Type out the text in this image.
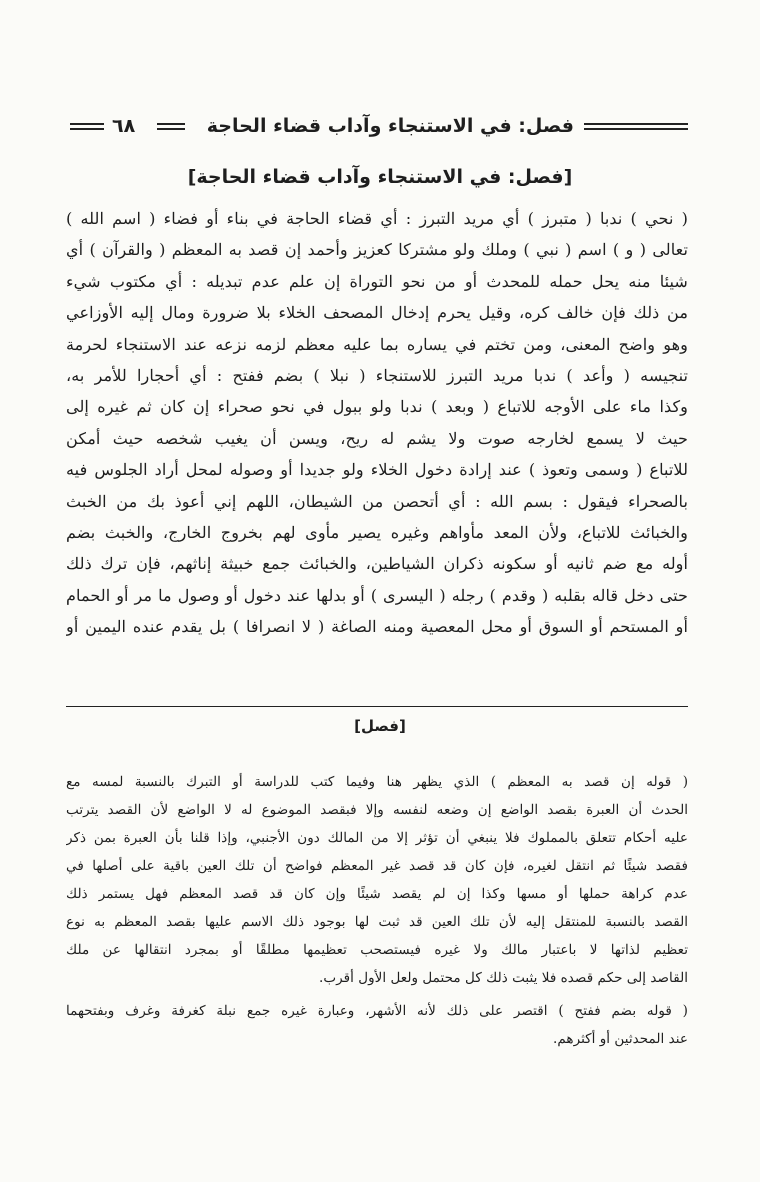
٦٨	فصل: في الاستنجاء وآداب قضاء الحاجة
[فصل: في الاستنجاء وآداب قضاء الحاجة]

( نحي ) ندبا ( متبرز ) أي مريد التبرز : أي قضاء الحاجة في بناء أو فضاء ( اسم الله )
تعالى ( و ) اسم ( نبي ) وملك ولو مشتركا كعزيز وأحمد إن قصد به المعظم ( والقرآن ) أي
شيئا منه يحل حمله للمحدث أو من نحو التوراة إن علم عدم تبديله : أي مكتوب شيء
من ذلك فإن خالف كره، وقيل يحرم إدخال المصحف الخلاء بلا ضرورة ومال إليه الأوزاعي
وهو واضح المعنى، ومن تختم في يساره بما عليه معظم لزمه نزعه عند الاستنجاء لحرمة
تنجيسه ( وأعد ) ندبا مريد التبرز للاستنجاء ( نبلا ) بضم ففتح : أي أحجارا للأمر به،
وكذا ماء على الأوجه للاتباع ( وبعد ) ندبا ولو ببول في نحو صحراء إن كان ثم غيره إلى
حيث لا يسمع لخارجه صوت ولا يشم له ريح، ويسن أن يغيب شخصه حيث أمكن
للاتباع ( وسمى وتعوذ ) عند إرادة دخول الخلاء ولو جديدا أو وصوله لمحل أراد الجلوس فيه
بالصحراء فيقول : بسم الله : أي أتحصن من الشيطان، اللهم إني أعوذ بك من الخبث
والخبائث للاتباع، ولأن المعد مأواهم وغيره يصير مأوى لهم بخروج الخارج، والخبث بضم
أوله مع ضم ثانيه أو سكونه ذكران الشياطين، والخبائث جمع خبيثة إناثهم، فإن ترك ذلك
حتى دخل قاله بقلبه ( وقدم ) رجله ( اليسرى ) أو بدلها عند دخول أو وصول ما مر أو الحمام
أو المستحم أو السوق أو محل المعصية ومنه الصاغة ( لا انصرافا ) بل يقدم عنده اليمين أو

[فصل]
( قوله إن قصد به المعظم ) الذي يظهر هنا وفيما كتب للدراسة أو التبرك بالنسبة لمسه مع
الحدث أن العبرة بقصد الواضع إن وضعه لنفسه وإلا فبقصد الموضوع له لا الواضع لأن القصد يترتب
عليه أحكام تتعلق بالمملوك فلا ينبغي أن تؤثر إلا من المالك دون الأجنبي، وإذا قلنا بأن العبرة بمن ذكر
فقصد شيئًا ثم انتقل لغيره، فإن كان قد قصد غير المعظم فواضح أن تلك العين باقية على أصلها في
عدم كراهة حملها أو مسها وكذا إن لم يقصد شيئًا وإن كان قد قصد المعظم فهل يستمر ذلك
القصد بالنسبة للمنتقل إليه لأن تلك العين قد ثبت لها بوجود ذلك الاسم عليها بقصد المعظم به نوع
تعظيم لذاتها لا باعتبار مالك ولا غيره فيستصحب تعظيمها مطلقًا أو بمجرد انتقالها عن ملك
القاصد إلى حكم قصده فلا يثبت ذلك كل محتمل ولعل الأول أقرب.
( قوله بضم ففتح ) اقتصر على ذلك لأنه الأشهر، وعبارة غيره جمع نبلة كغرفة وغرف وبفتحهما
عند المحدثين أو أكثرهم.
